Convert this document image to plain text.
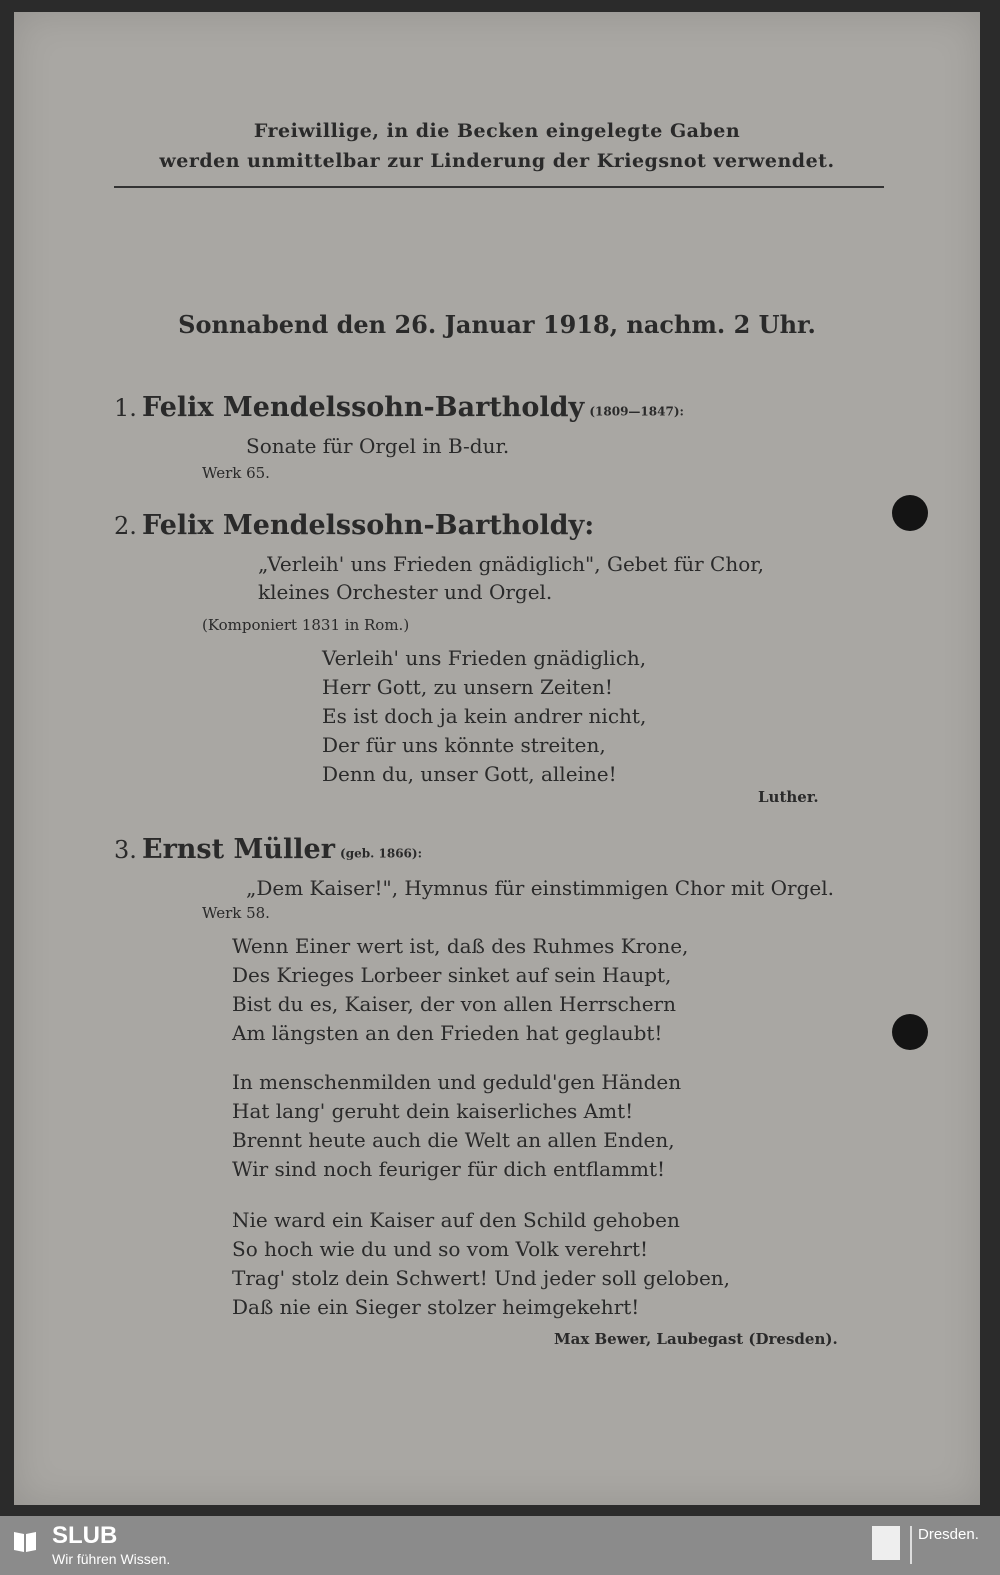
Freiwillige, in die Becken eingelegte Gaben
werden unmittelbar zur Linderung der Kriegsnot verwendet.
Sonnabend den 26. Januar 1918, nachm. 2 Uhr.
1. Felix Mendelssohn-Bartholdy (1809—1847):
Sonate für Orgel in B-dur.
Werk 65.
2. Felix Mendelssohn-Bartholdy:
„Verleih' uns Frieden gnädiglich", Gebet für Chor,
kleines Orchester und Orgel.
(Komponiert 1831 in Rom.)
Verleih' uns Frieden gnädiglich,
Herr Gott, zu unsern Zeiten!
Es ist doch ja kein andrer nicht,
Der für uns könnte streiten,
Denn du, unser Gott, alleine!
Luther.
3. Ernst Müller (geb. 1866):
„Dem Kaiser!", Hymnus für einstimmigen Chor mit Orgel.
Werk 58.
Wenn Einer wert ist, daß des Ruhmes Krone,
Des Krieges Lorbeer sinket auf sein Haupt,
Bist du es, Kaiser, der von allen Herrschern
Am längsten an den Frieden hat geglaubt!
In menschenmilden und geduld'gen Händen
Hat lang' geruht dein kaiserliches Amt!
Brennt heute auch die Welt an allen Enden,
Wir sind noch feuriger für dich entflammt!
Nie ward ein Kaiser auf den Schild gehoben
So hoch wie du und so vom Volk verehrt!
Trag' stolz dein Schwert! Und jeder soll geloben,
Daß nie ein Sieger stolzer heimgekehrt!
Max Bewer, Laubegast (Dresden).
SLUB
Wir führen Wissen.
Dresden.
